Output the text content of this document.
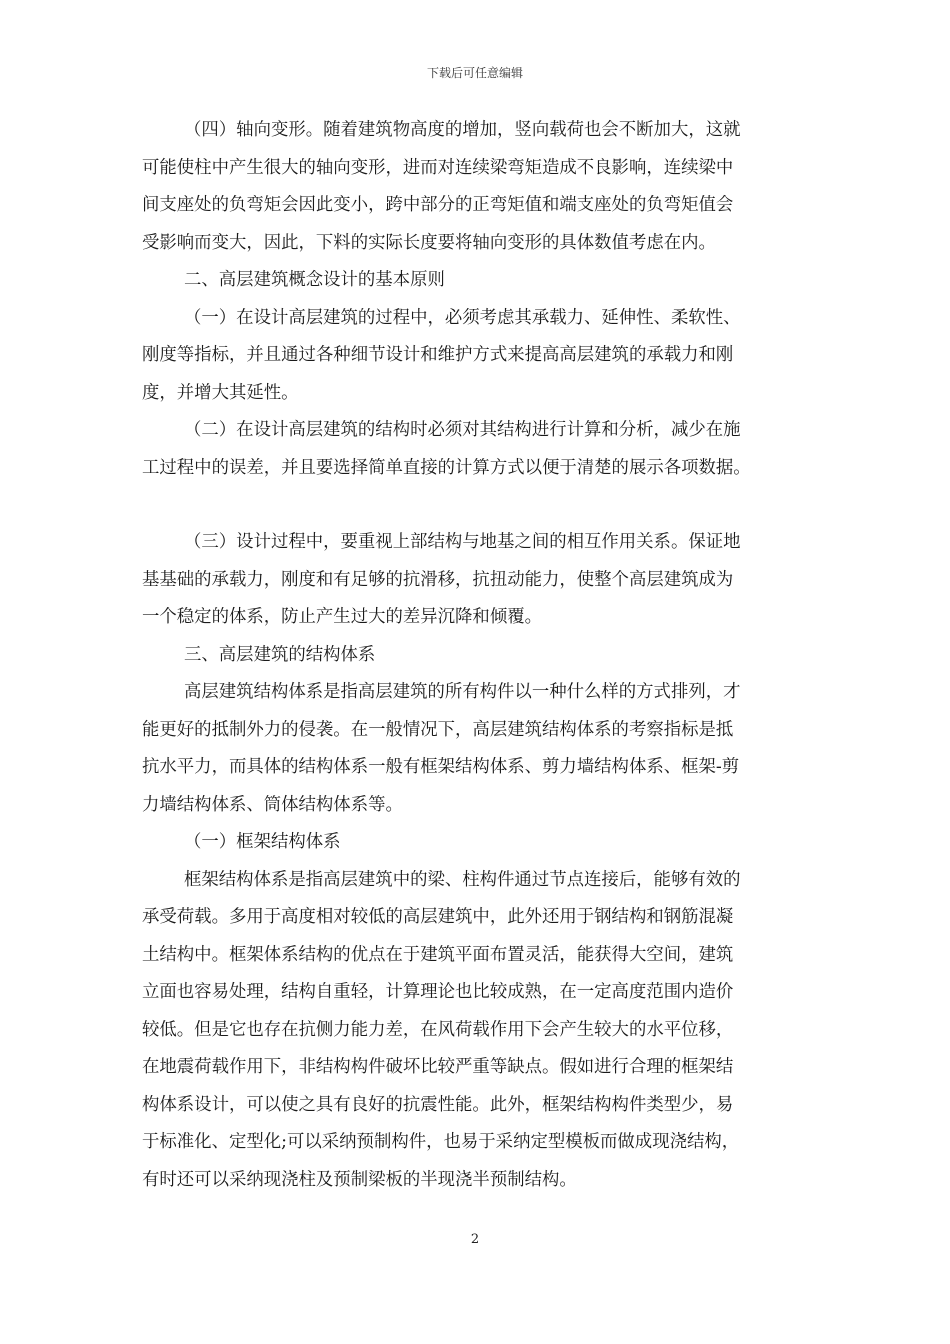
下载后可任意编辑

（四）轴向变形。随着建筑物高度的增加，竖向载荷也会不断加大，这就
可能使柱中产生很大的轴向变形，进而对连续梁弯矩造成不良影响，连续梁中
间支座处的负弯矩会因此变小，跨中部分的正弯矩值和端支座处的负弯矩值会
受影响而变大，因此，下料的实际长度要将轴向变形的具体数值考虑在内。

二、高层建筑概念设计的基本原则

（一）在设计高层建筑的过程中，必须考虑其承载力、延伸性、柔软性、
刚度等指标，并且通过各种细节设计和维护方式来提高高层建筑的承载力和刚
度，并增大其延性。

（二）在设计高层建筑的结构时必须对其结构进行计算和分析，减少在施
工过程中的误差，并且要选择简单直接的计算方式以便于清楚的展示各项数据。

（三）设计过程中，要重视上部结构与地基之间的相互作用关系。保证地
基基础的承载力，刚度和有足够的抗滑移，抗扭动能力，使整个高层建筑成为
一个稳定的体系，防止产生过大的差异沉降和倾覆。

三、高层建筑的结构体系

高层建筑结构体系是指高层建筑的所有构件以一种什么样的方式排列，才
能更好的抵制外力的侵袭。在一般情况下，高层建筑结构体系的考察指标是抵
抗水平力，而具体的结构体系一般有框架结构体系、剪力墙结构体系、框架-剪
力墙结构体系、筒体结构体系等。

（一）框架结构体系

框架结构体系是指高层建筑中的梁、柱构件通过节点连接后，能够有效的
承受荷载。多用于高度相对较低的高层建筑中，此外还用于钢结构和钢筋混凝
土结构中。框架体系结构的优点在于建筑平面布置灵活，能获得大空间，建筑
立面也容易处理，结构自重轻，计算理论也比较成熟，在一定高度范围内造价
较低。但是它也存在抗侧力能力差，在风荷载作用下会产生较大的水平位移，
在地震荷载作用下，非结构构件破坏比较严重等缺点。假如进行合理的框架结
构体系设计，可以使之具有良好的抗震性能。此外，框架结构构件类型少，易
于标准化、定型化;可以采纳预制构件，也易于采纳定型模板而做成现浇结构，
有时还可以采纳现浇柱及预制梁板的半现浇半预制结构。

2
